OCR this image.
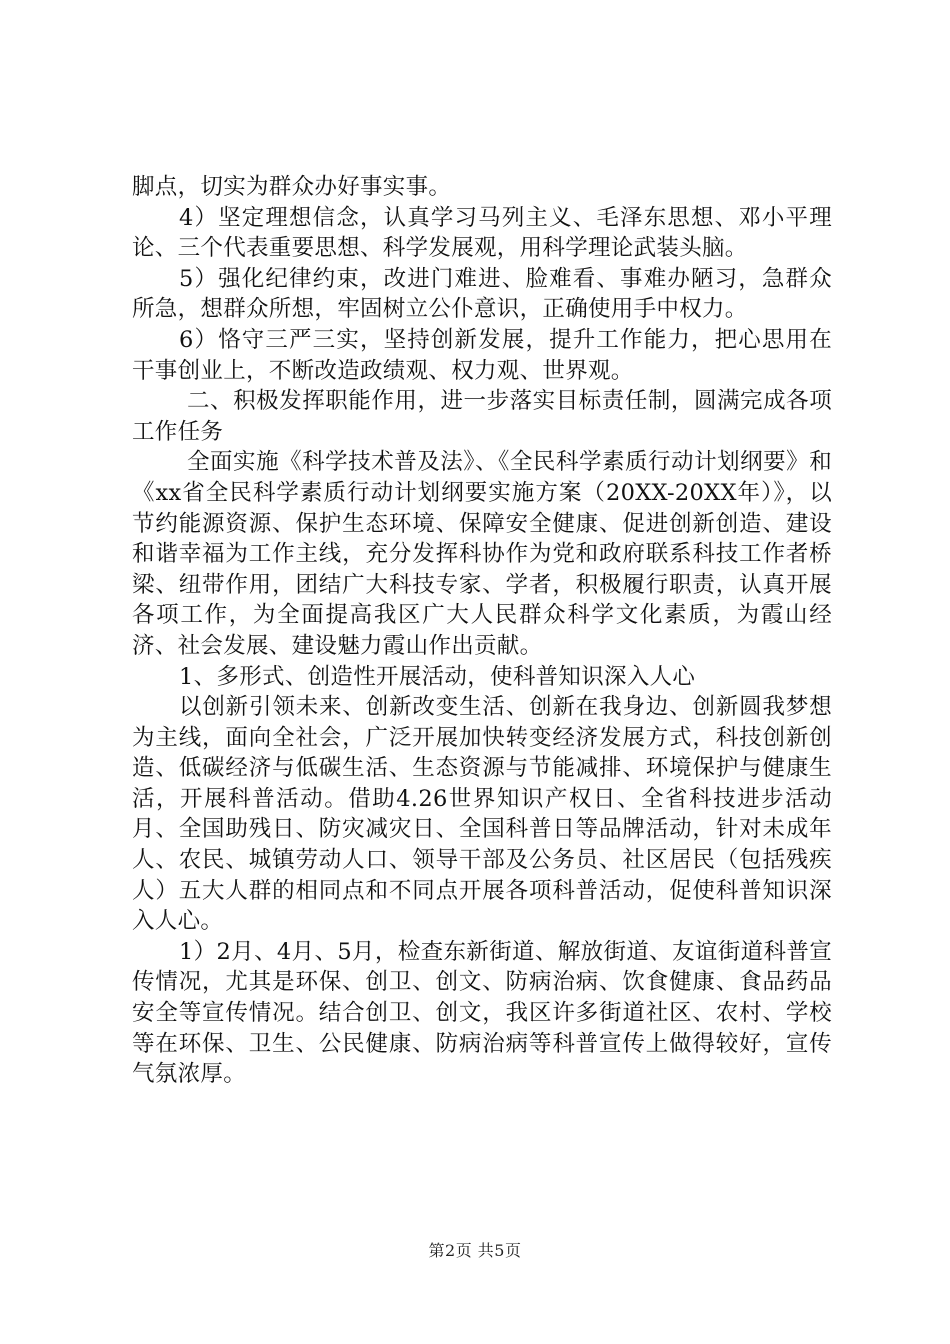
脚点，切实为群众办好事实事。

4）坚定理想信念，认真学习马列主义、毛泽东思想、邓小平理论、三个代表重要思想、科学发展观，用科学理论武装头脑。

5）强化纪律约束，改进门难进、脸难看、事难办陋习，急群众所急，想群众所想，牢固树立公仆意识，正确使用手中权力。

6）恪守三严三实，坚持创新发展，提升工作能力，把心思用在干事创业上，不断改造政绩观、权力观、世界观。

二、积极发挥职能作用，进一步落实目标责任制，圆满完成各项工作任务

全面实施《科学技术普及法》、《全民科学素质行动计划纲要》和《xx省全民科学素质行动计划纲要实施方案（20XX-20XX年）》，以节约能源资源、保护生态环境、保障安全健康、促进创新创造、建设和谐幸福为工作主线，充分发挥科协作为党和政府联系科技工作者桥梁、纽带作用，团结广大科技专家、学者，积极履行职责，认真开展各项工作，为全面提高我区广大人民群众科学文化素质，为霞山经济、社会发展、建设魅力霞山作出贡献。

1、多形式、创造性开展活动，使科普知识深入人心

以创新引领未来、创新改变生活、创新在我身边、创新圆我梦想为主线，面向全社会，广泛开展加快转变经济发展方式，科技创新创造、低碳经济与低碳生活、生态资源与节能减排、环境保护与健康生活，开展科普活动。借助4.26世界知识产权日、全省科技进步活动月、全国助残日、防灾减灾日、全国科普日等品牌活动，针对未成年人、农民、城镇劳动人口、领导干部及公务员、社区居民（包括残疾人）五大人群的相同点和不同点开展各项科普活动，促使科普知识深入人心。

1）2月、4月、5月，检查东新街道、解放街道、友谊街道科普宣传情况，尤其是环保、创卫、创文、防病治病、饮食健康、食品药品安全等宣传情况。结合创卫、创文，我区许多街道社区、农村、学校等在环保、卫生、公民健康、防病治病等科普宣传上做得较好，宣传气氛浓厚。

第2页 共5页
